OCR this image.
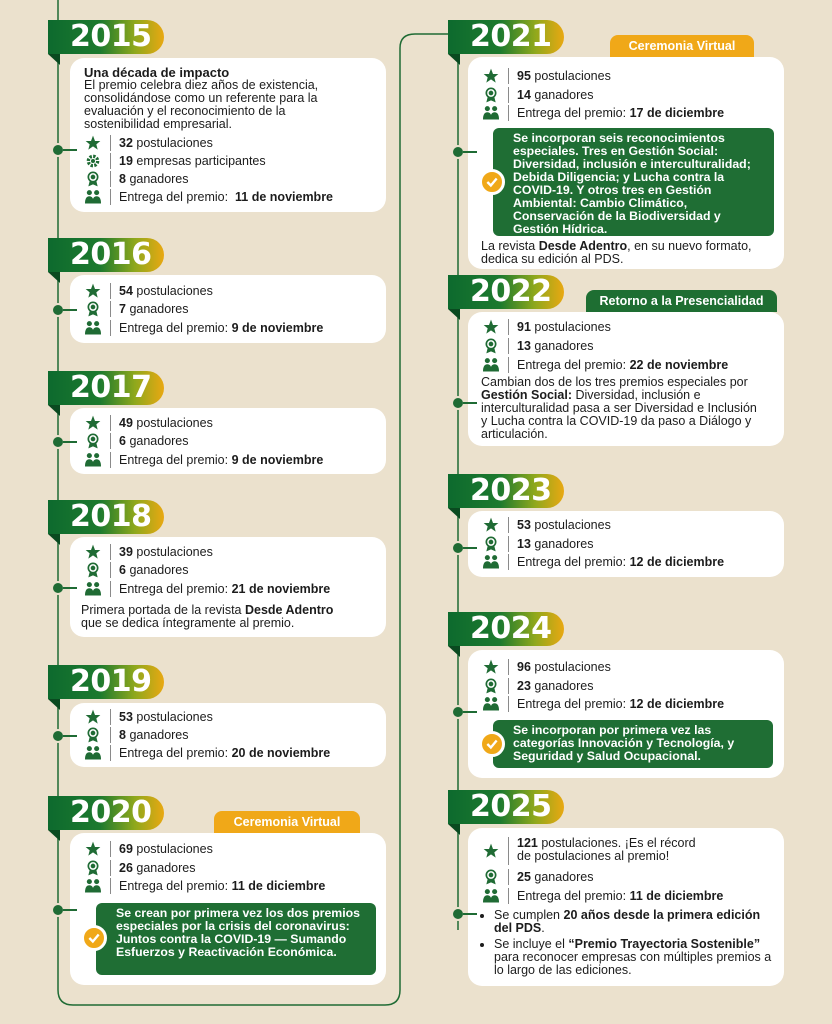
2015
Una década de impacto
El premio celebra diez años de existencia, consolidándose como un referente para la evaluación y el reconocimiento de la sostenibilidad empresarial.
32 postulaciones
19 empresas participantes
8 ganadores
Entrega del premio: 11 de noviembre
2016
54 postulaciones
7 ganadores
Entrega del premio: 9 de noviembre
2017
49 postulaciones
6 ganadores
Entrega del premio: 9 de noviembre
2018
39 postulaciones
6 ganadores
Entrega del premio: 21 de noviembre
Primera portada de la revista Desde Adentro
que se dedica íntegramente al premio.
2019
53 postulaciones
8 ganadores
Entrega del premio: 20 de noviembre
2020	Ceremonia Virtual
69 postulaciones
26 ganadores
Entrega del premio: 11 de diciembre
Se crean por primera vez los dos premios especiales por la crisis del coronavirus: Juntos contra la COVID-19 — Sumando Esfuerzos y Reactivación Económica.
2021	Ceremonia Virtual
95 postulaciones
14 ganadores
Entrega del premio: 17 de diciembre
La revista Desde Adentro, en su nuevo formato, dedica su edición al PDS.
Se incorporan seis reconocimientos especiales. Tres en Gestión Social: Diversidad, inclusión e interculturalidad; Debida Diligencia; y Lucha contra la COVID-19. Y otros tres en Gestión Ambiental: Cambio Climático, Conservación de la Biodiversidad y Gestión Hídrica.
2022	Retorno a la Presencialidad
91 postulaciones
13 ganadores
Entrega del premio: 22 de noviembre
Cambian dos de los tres premios especiales por Gestión Social: Diversidad, inclusión e interculturalidad pasa a ser Diversidad e Inclusión y Lucha contra la COVID-19 da paso a Diálogo y articulación.
2023
53 postulaciones
13 ganadores
Entrega del premio: 12 de diciembre
2024
96 postulaciones
23 ganadores
Entrega del premio: 12 de diciembre
Se incorporan por primera vez las categorías Innovación y Tecnología, y Seguridad y Salud Ocupacional.
2025
121 postulaciones. ¡Es el récord
de postulaciones al premio!
25 ganadores
Entrega del premio: 11 de diciembre
• Se cumplen 20 años desde la primera edición del PDS.
• Se incluye el “Premio Trayectoria Sostenible” para reconocer empresas con múltiples premios a lo largo de las ediciones.
